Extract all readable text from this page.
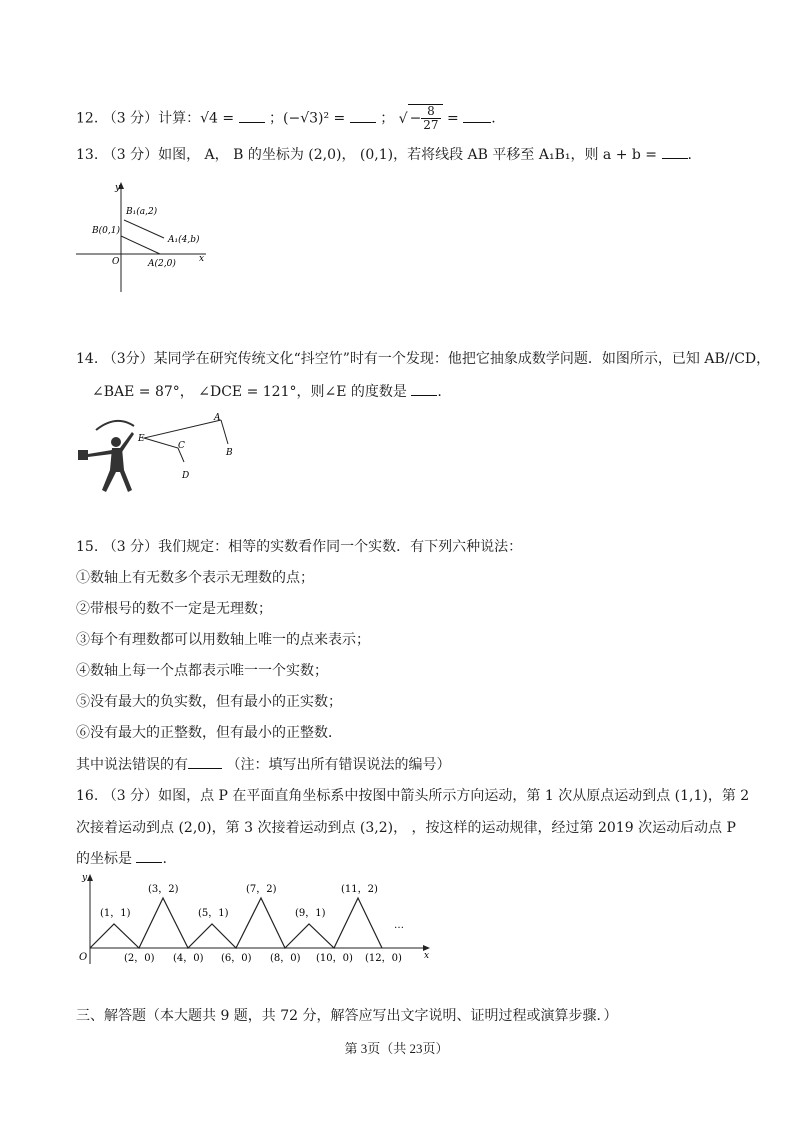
12. （3 分）计算：√4 = ；(−√3)² = ； √ − $\frac{8}{27}$ = .
13. （3 分）如图， A， B 的坐标为 (2,0)， (0,1)，若将线段 AB 平移至 A₁B₁，则 a + b = .
y
x
O
B(0,1)
A(2,0)
B₁(a,2)
A₁(4,b)
14. （3分）某同学在研究传统文化“抖空竹”时有一个发现：他把它抽象成数学问题．如图所示，已知 AB//CD，
∠BAE = 87°， ∠DCE = 121°，则∠E 的度数是 .
E
A
B
C
D
15. （3 分）我们规定：相等的实数看作同一个实数．有下列六种说法：
①数轴上有无数多个表示无理数的点；
②带根号的数不一定是无理数；
③每个有理数都可以用数轴上唯一的点来表示；
④数轴上每一个点都表示唯一一个实数；
⑤没有最大的负实数，但有最小的正实数；
⑥没有最大的正整数，但有最小的正整数．
其中说法错误的有	（注：填写出所有错误说法的编号）
16. （3 分）如图，点 P 在平面直角坐标系中按图中箭头所示方向运动，第 1 次从原点运动到点 (1,1)，第 2
次接着运动到点 (2,0)，第 3 次接着运动到点 (3,2)， ，按这样的运动规律，经过第 2019 次运动后动点 P
的坐标是 .
y
x
O
(1，1)
(3，2)
(5，1)
(7，2)
(9，1)
(11，2)
(2，0) (4，0) (6，0) (8，0) (10，0) (12，0)
…
三、解答题（本大题共 9 题，共 72 分，解答应写出文字说明、证明过程或演算步骤．）
第 3页（共 23页）
